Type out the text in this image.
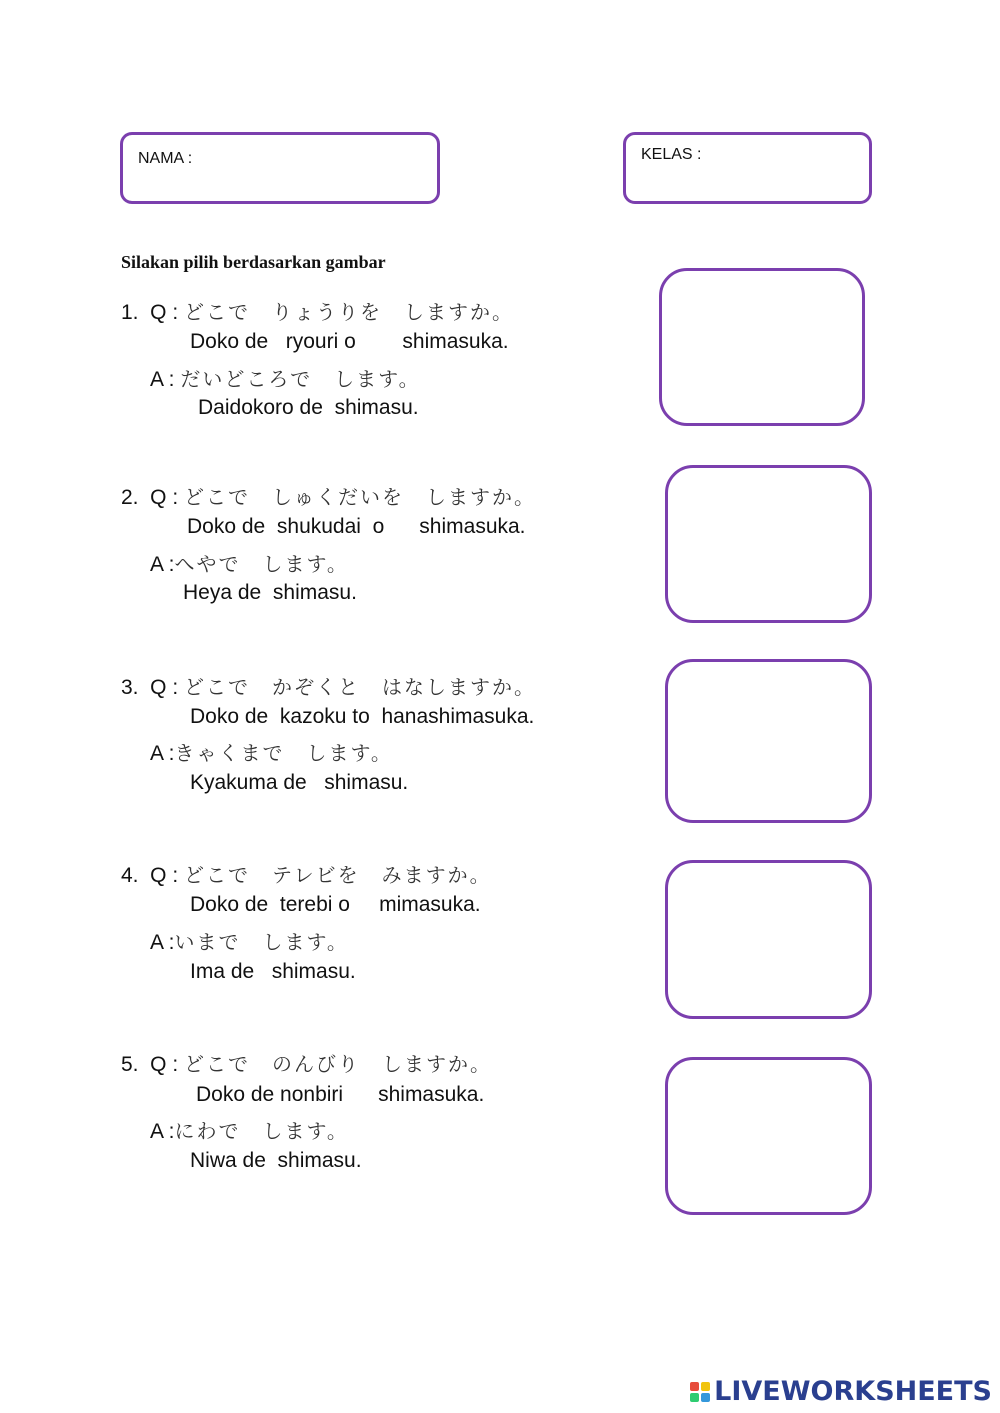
NAMA :	KELAS :
Silakan pilih berdasarkan gambar
1.  Q : どこで　りょうりを　しますか。
Doko de   ryouri o        shimasuka.
A : だいどころで　します。
Daidokoro de  shimasu.
2.  Q : どこで　しゅくだいを　しますか。
Doko de  shukudai  o      shimasuka.
A :へやで　します。
Heya de  shimasu.
3.  Q : どこで　かぞくと　はなしますか。
Doko de  kazoku to  hanashimasuka.
A :きゃくまで　します。
Kyakuma de   shimasu.
4.  Q : どこで　テレビを　みますか。
Doko de  terebi o     mimasuka.
A :いまで　します。
Ima de   shimasu.
5.  Q : どこで　のんびり　しますか。
Doko de nonbiri      shimasuka.
A :にわで　します。
Niwa de  shimasu.
LIVEWORKSHEETS
